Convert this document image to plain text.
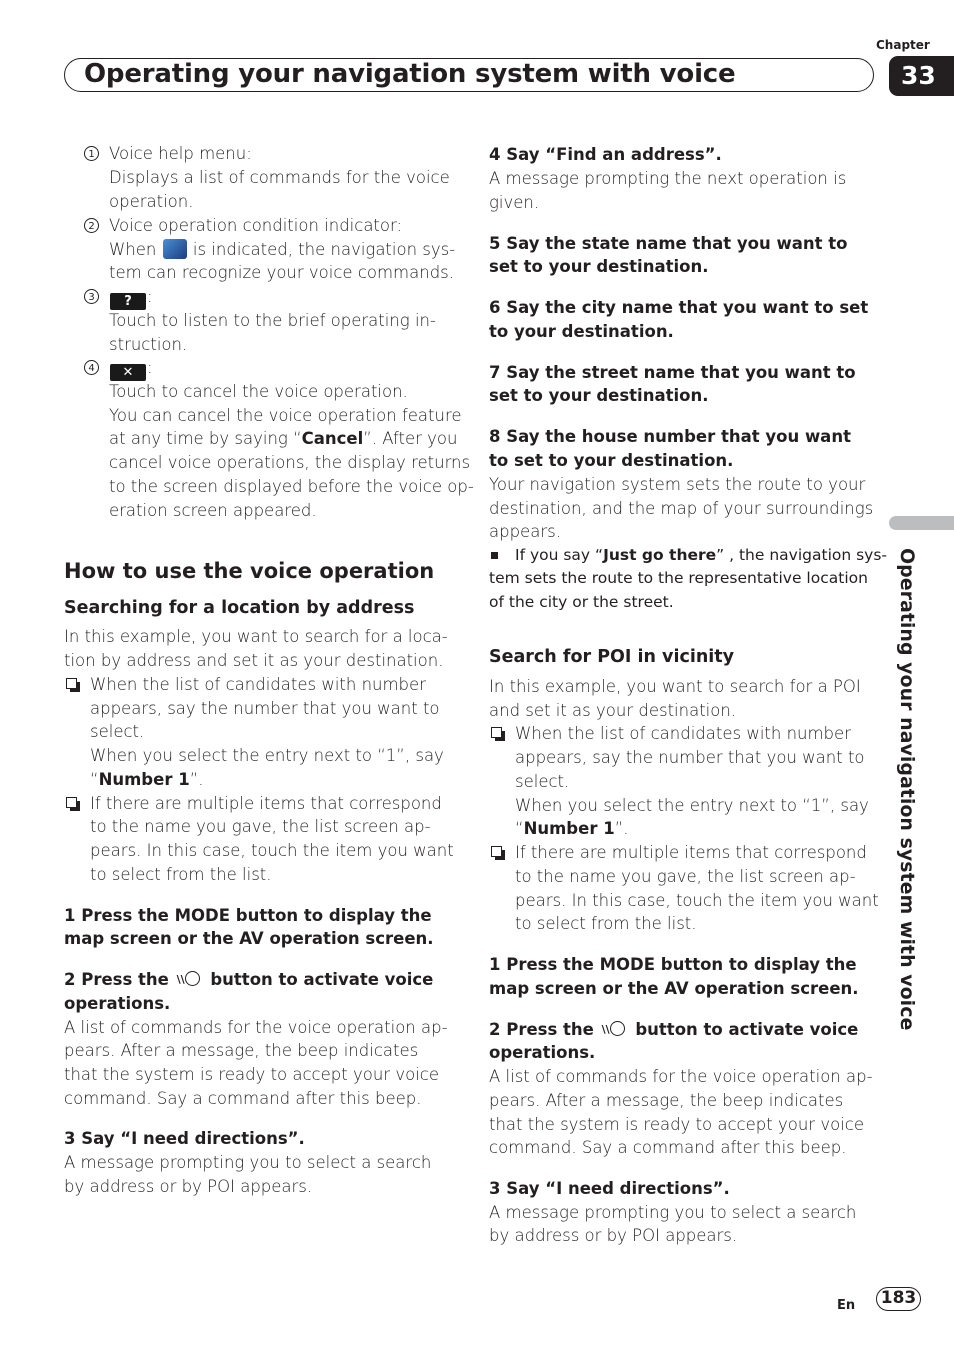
Chapter
Operating your navigation system with voice	33
Operating your navigation system with voice
1 Voice help menu:
Displays a list of commands for the voice
operation.
2 Voice operation condition indicator:
When is indicated, the navigation sys-
tem can recognize your voice commands.
3	? :
Touch to listen to the brief operating in-
struction.
4	✕ :
Touch to cancel the voice operation.
You can cancel the voice operation feature
at any time by saying “Cancel”. After you
cancel voice operations, the display returns
to the screen displayed before the voice op-
eration screen appeared.
How to use the voice operation
Searching for a location by address
In this example, you want to search for a loca-
tion by address and set it as your destination.
When the list of candidates with number
appears, say the number that you want to
select.
When you select the entry next to “1”, say
“Number 1”.
If there are multiple items that correspond
to the name you gave, the list screen ap-
pears. In this case, touch the item you want
to select from the list.
1 Press the MODE button to display the
map screen or the AV operation screen.
2 Press the \\ button to activate voice
operations.
A list of commands for the voice operation ap-
pears. After a message, the beep indicates
that the system is ready to accept your voice
command. Say a command after this beep.
3 Say “I need directions”.
A message prompting you to select a search
by address or by POI appears.
4 Say “Find an address”.
A message prompting the next operation is
given.
5 Say the state name that you want to
set to your destination.
6 Say the city name that you want to set
to your destination.
7 Say the street name that you want to
set to your destination.
8 Say the house number that you want
to set to your destination.
Your navigation system sets the route to your
destination, and the map of your surroundings
appears.
If you say “Just go there” , the navigation sys-
tem sets the route to the representative location
of the city or the street.
Search for POI in vicinity
In this example, you want to search for a POI
and set it as your destination.
When the list of candidates with number
appears, say the number that you want to
select.
When you select the entry next to “1”, say
“Number 1”.
If there are multiple items that correspond
to the name you gave, the list screen ap-
pears. In this case, touch the item you want
to select from the list.
1 Press the MODE button to display the
map screen or the AV operation screen.
2 Press the \\ button to activate voice
operations.
A list of commands for the voice operation ap-
pears. After a message, the beep indicates
that the system is ready to accept your voice
command. Say a command after this beep.
3 Say “I need directions”.
A message prompting you to select a search
by address or by POI appears.
En 183
